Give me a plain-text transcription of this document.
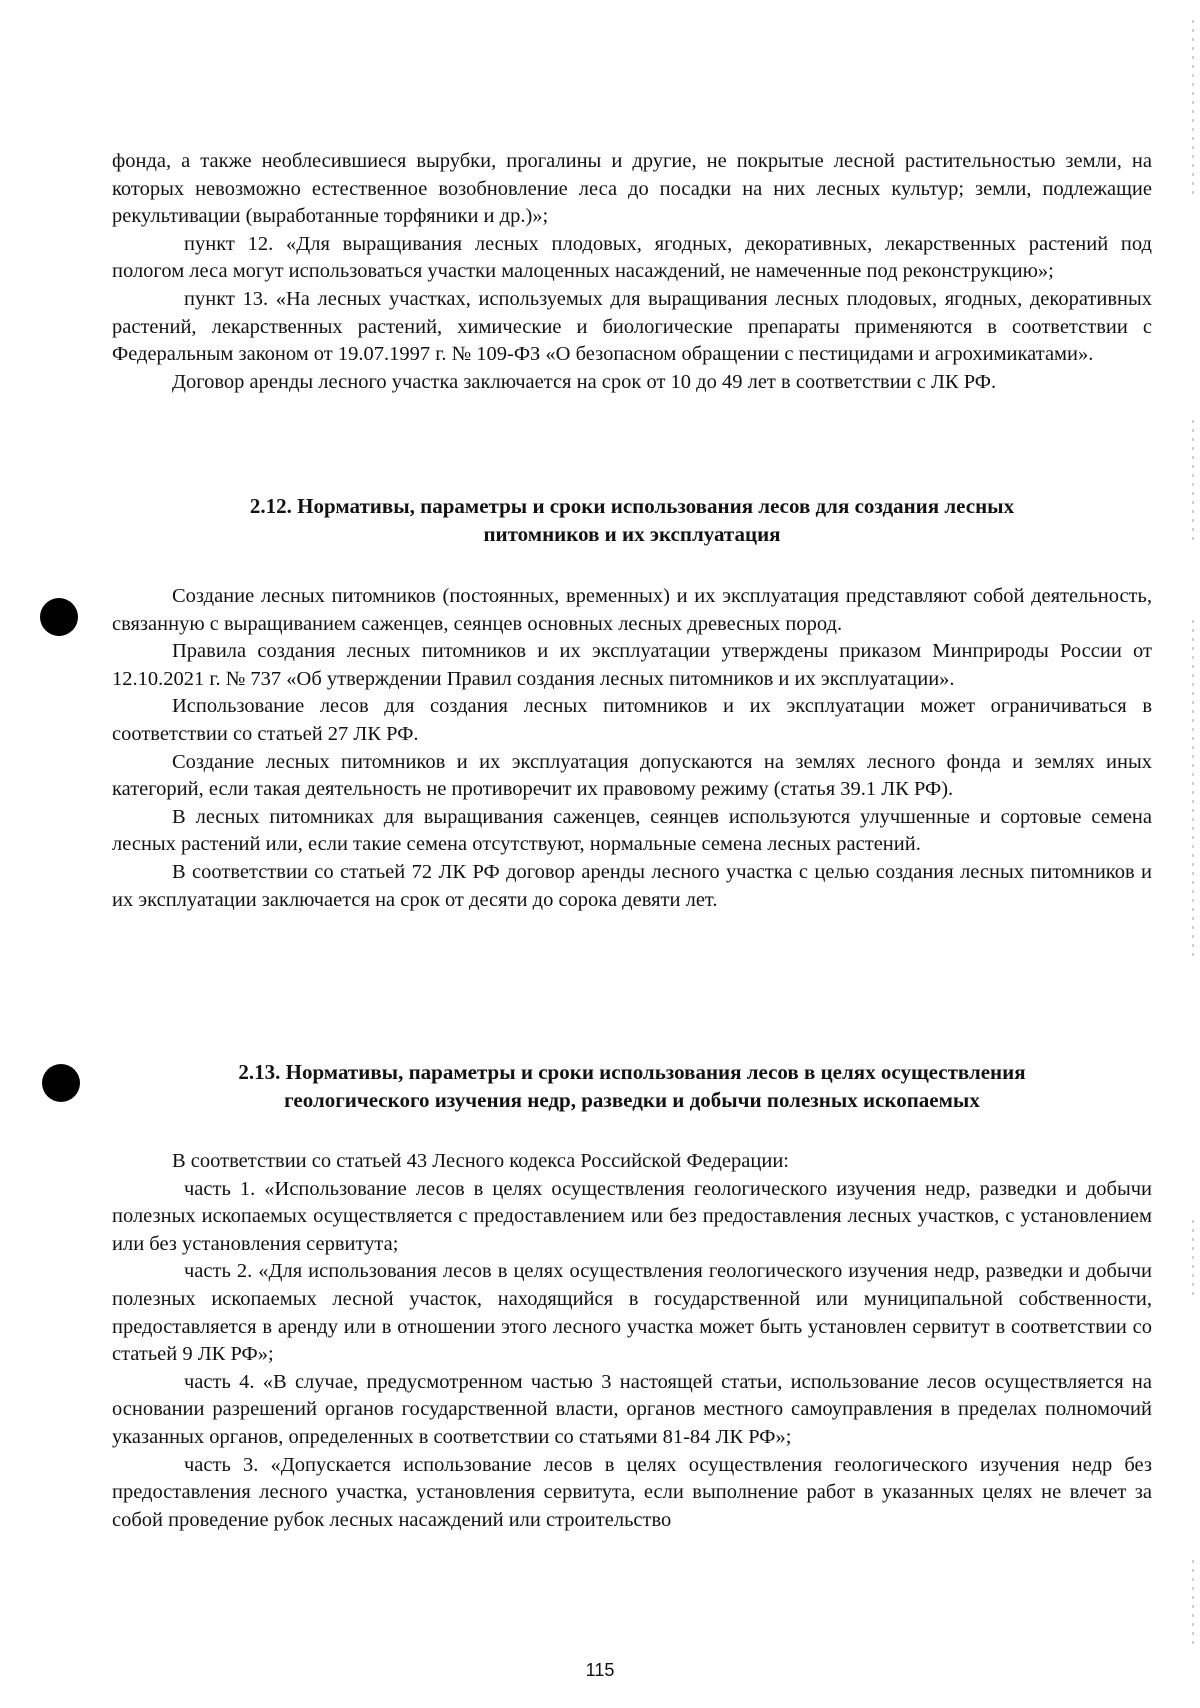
фонда, а также необлесившиеся вырубки, прогалины и другие, не покрытые лесной растительностью земли, на которых невозможно естественное возобновление леса до посадки на них лесных культур; земли, подлежащие рекультивации (выработанные торфяники и др.)»;

пункт 12. «Для выращивания лесных плодовых, ягодных, декоративных, лекарственных растений под пологом леса могут использоваться участки малоценных насаждений, не намеченные под реконструкцию»;

пункт 13. «На лесных участках, используемых для выращивания лесных плодовых, ягодных, декоративных растений, лекарственных растений, химические и биологические препараты применяются в соответствии с Федеральным законом от 19.07.1997 г. № 109-ФЗ «О безопасном обращении с пестицидами и агрохимикатами».

Договор аренды лесного участка заключается на срок от 10 до 49 лет в соответствии с ЛК РФ.

2.12. Нормативы, параметры и сроки использования лесов для создания лесных
питомников и их эксплуатация

Создание лесных питомников (постоянных, временных) и их эксплуатация представляют собой деятельность, связанную с выращиванием саженцев, сеянцев основных лесных древесных пород.

Правила создания лесных питомников и их эксплуатации утверждены приказом Минприроды России от 12.10.2021 г. № 737 «Об утверждении Правил создания лесных питомников и их эксплуатации».

Использование лесов для создания лесных питомников и их эксплуатации может ограничиваться в соответствии со статьей 27 ЛК РФ.

Создание лесных питомников и их эксплуатация допускаются на землях лесного фонда и землях иных категорий, если такая деятельность не противоречит их правовому режиму (статья 39.1 ЛК РФ).

В лесных питомниках для выращивания саженцев, сеянцев используются улучшенные и сортовые семена лесных растений или, если такие семена отсутствуют, нормальные семена лесных растений.

В соответствии со статьей 72 ЛК РФ договор аренды лесного участка с целью создания лесных питомников и их эксплуатации заключается на срок от десяти до сорока девяти лет.

2.13. Нормативы, параметры и сроки использования лесов в целях осуществления
геологического изучения недр, разведки и добычи полезных ископаемых

В соответствии со статьей 43 Лесного кодекса Российской Федерации:

часть 1. «Использование лесов в целях осуществления геологического изучения недр, разведки и добычи полезных ископаемых осуществляется с предоставлением или без предоставления лесных участков, с установлением или без установления сервитута;

часть 2. «Для использования лесов в целях осуществления геологического изучения недр, разведки и добычи полезных ископаемых лесной участок, находящийся в государственной или муниципальной собственности, предоставляется в аренду или в отношении этого лесного участка может быть установлен сервитут в соответствии со статьей 9 ЛК РФ»;

часть 4. «В случае, предусмотренном частью 3 настоящей статьи, использование лесов осуществляется на основании разрешений органов государственной власти, органов местного самоуправления в пределах полномочий указанных органов, определенных в соответствии со статьями 81-84 ЛК РФ»;

часть 3. «Допускается использование лесов в целях осуществления геологического изучения недр без предоставления лесного участка, установления сервитута, если выполнение работ в указанных целях не влечет за собой проведение рубок лесных насаждений или строительство

115
